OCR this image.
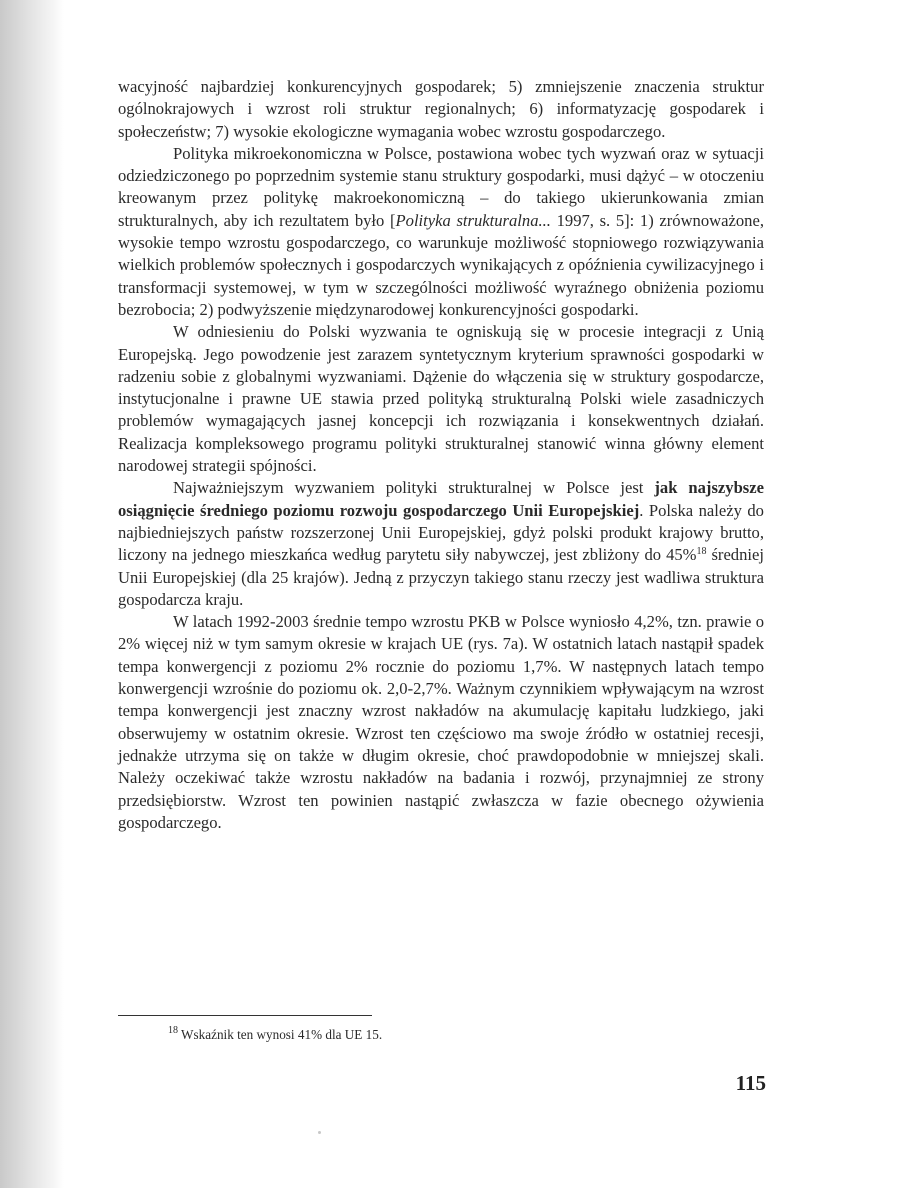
wacyjność najbardziej konkurencyjnych gospodarek; 5) zmniejszenie znaczenia struktur ogólnokrajowych i wzrost roli struktur regionalnych; 6) informatyzację gospodarek i społeczeństw; 7) wysokie ekologiczne wymagania wobec wzrostu gospodarczego.

Polityka mikroekonomiczna w Polsce, postawiona wobec tych wyzwań oraz w sytuacji odziedziczonego po poprzednim systemie stanu struktury gospodarki, musi dążyć – w otoczeniu kreowanym przez politykę makroekonomiczną – do takiego ukierunkowania zmian strukturalnych, aby ich rezultatem było [Polityka strukturalna... 1997, s. 5]: 1) zrównoważone, wysokie tempo wzrostu gospodarczego, co warunkuje możliwość stopniowego rozwiązywania wielkich problemów społecznych i gospodarczych wynikających z opóźnienia cywilizacyjnego i transformacji systemowej, w tym w szczególności możliwość wyraźnego obniżenia poziomu bezrobocia; 2) podwyższenie międzynarodowej konkurencyjności gospodarki.

W odniesieniu do Polski wyzwania te ogniskują się w procesie integracji z Unią Europejską. Jego powodzenie jest zarazem syntetycznym kryterium sprawności gospodarki w radzeniu sobie z globalnymi wyzwaniami. Dążenie do włączenia się w struktury gospodarcze, instytucjonalne i prawne UE stawia przed polityką strukturalną Polski wiele zasadniczych problemów wymagających jasnej koncepcji ich rozwiązania i konsekwentnych działań. Realizacja kompleksowego programu polityki strukturalnej stanowić winna główny element narodowej strategii spójności.

Najważniejszym wyzwaniem polityki strukturalnej w Polsce jest jak najszybsze osiągnięcie średniego poziomu rozwoju gospodarczego Unii Europejskiej. Polska należy do najbiedniejszych państw rozszerzonej Unii Europejskiej, gdyż polski produkt krajowy brutto, liczony na jednego mieszkańca według parytetu siły nabywczej, jest zbliżony do 45%$^{18}$ średniej Unii Europejskiej (dla 25 krajów). Jedną z przyczyn takiego stanu rzeczy jest wadliwa struktura gospodarcza kraju.

W latach 1992-2003 średnie tempo wzrostu PKB w Polsce wyniosło 4,2%, tzn. prawie o 2% więcej niż w tym samym okresie w krajach UE (rys. 7a). W ostatnich latach nastąpił spadek tempa konwergencji z poziomu 2% rocznie do poziomu 1,7%. W następnych latach tempo konwergencji wzrośnie do poziomu ok. 2,0-2,7%. Ważnym czynnikiem wpływającym na wzrost tempa konwergencji jest znaczny wzrost nakładów na akumulację kapitału ludzkiego, jaki obserwujemy w ostatnim okresie. Wzrost ten częściowo ma swoje źródło w ostatniej recesji, jednakże utrzyma się on także w długim okresie, choć prawdopodobnie w mniejszej skali. Należy oczekiwać także wzrostu nakładów na badania i rozwój, przynajmniej ze strony przedsiębiorstw. Wzrost ten powinien nastąpić zwłaszcza w fazie obecnego ożywienia gospodarczego.

$^{18}$ Wskaźnik ten wynosi 41% dla UE 15.
115
